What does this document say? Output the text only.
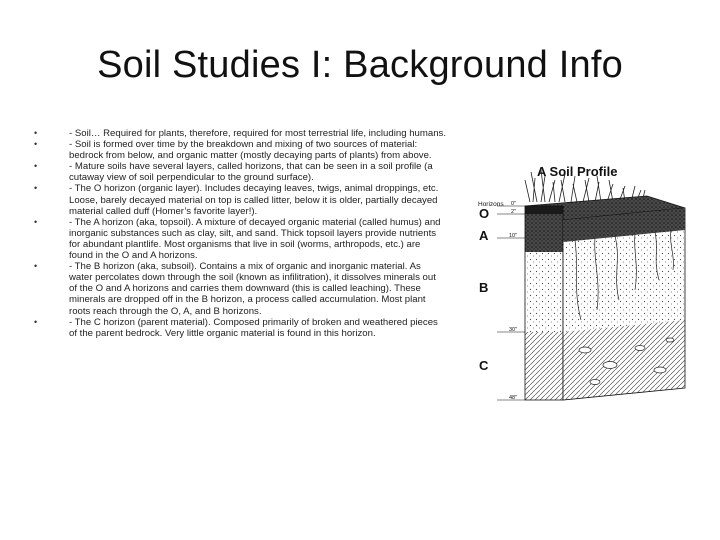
Soil Studies I: Background Info
• - Soil… Required for plants, therefore, required for most terrestrial life, including humans.
• - Soil is formed over time by the breakdown and mixing of two sources of material: bedrock from below, and organic matter (mostly decaying parts of plants) from above.
• - Mature soils have several layers, called horizons, that can be seen in a soil profile (a cutaway view of soil perpendicular to the ground surface).
• - The O horizon (organic layer). Includes decaying leaves, twigs, animal droppings, etc. Loose, barely decayed material on top is called litter, below it is older, partially decayed material called duff (Homer’s favorite layer!).
• - The A horizon (aka, topsoil). A mixture of decayed organic material (called humus) and inorganic substances such as clay, silt, and sand. Thick topsoil layers provide nutrients for abundant plantlife. Most organisms that live in soil (worms, arthropods, etc.) are found in the O and A horizons.
• - The B horizon (aka, subsoil). Contains a mix of organic and inorganic material. As water percolates down through the soil (known as infilitration), it dissolves minerals out of the O and A horizons and carries them downward (this is called leaching). These minerals are dropped off in the B horizon, a process called accumulation. Most plant roots reach through the O, A, and B horizons.
• - The C horizon (parent material). Composed primarily of broken and weathered pieces of the parent bedrock. Very little organic material is found in this horizon.
A Soil Profile
Horizons 0"
2"
10"
30"
48"
O
A
B
C
